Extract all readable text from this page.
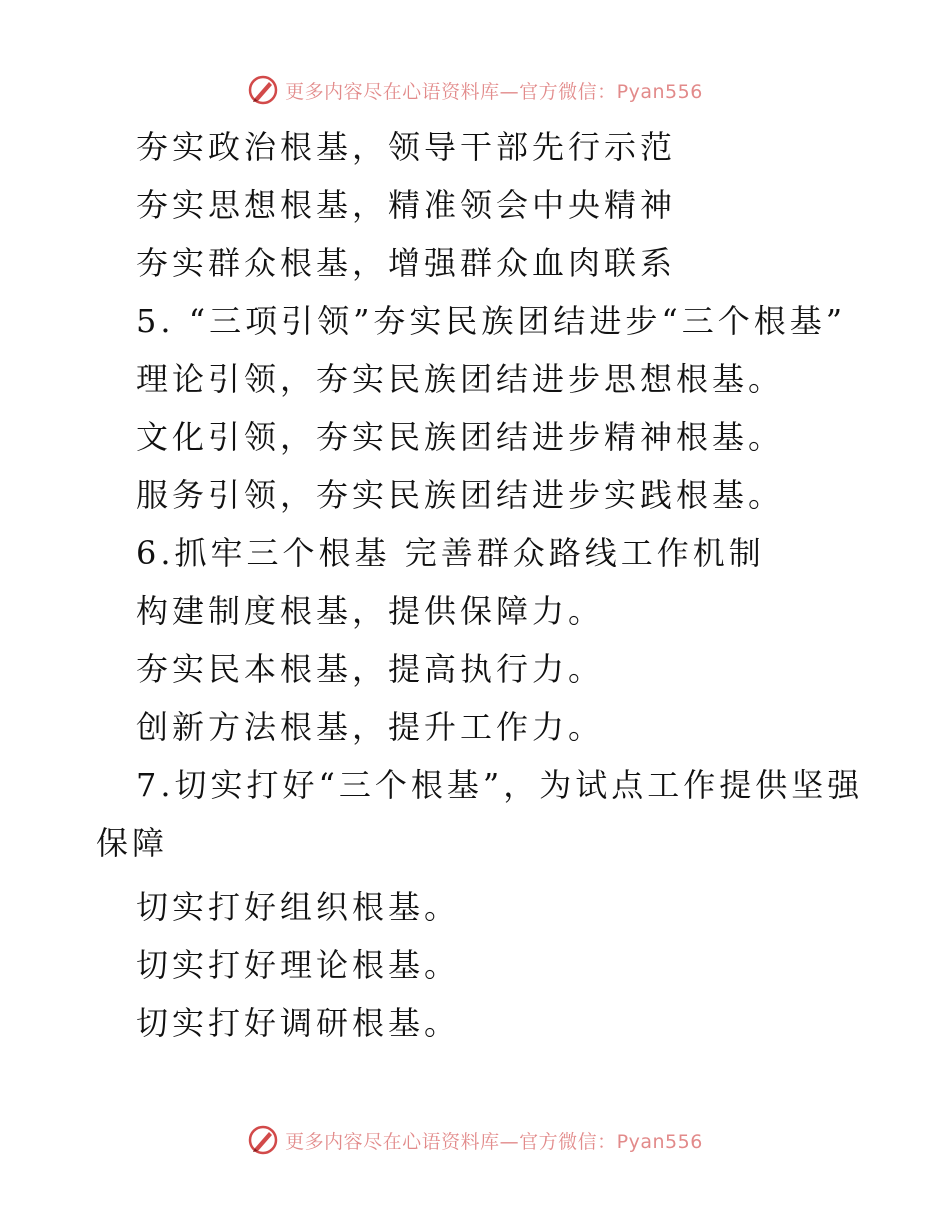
更多内容尽在心语资料库—官方微信：Pyan556
夯实政治根基，领导干部先行示范
夯实思想根基，精准领会中央精神
夯实群众根基，增强群众血肉联系
5. “三项引领”夯实民族团结进步“三个根基”
理论引领，夯实民族团结进步思想根基。
文化引领，夯实民族团结进步精神根基。
服务引领，夯实民族团结进步实践根基。
6.抓牢三个根基 完善群众路线工作机制
构建制度根基，提供保障力。
夯实民本根基，提高执行力。
创新方法根基，提升工作力。
7.切实打好“三个根基”，为试点工作提供坚强
保障
切实打好组织根基。
切实打好理论根基。
切实打好调研根基。
更多内容尽在心语资料库—官方微信：Pyan556
